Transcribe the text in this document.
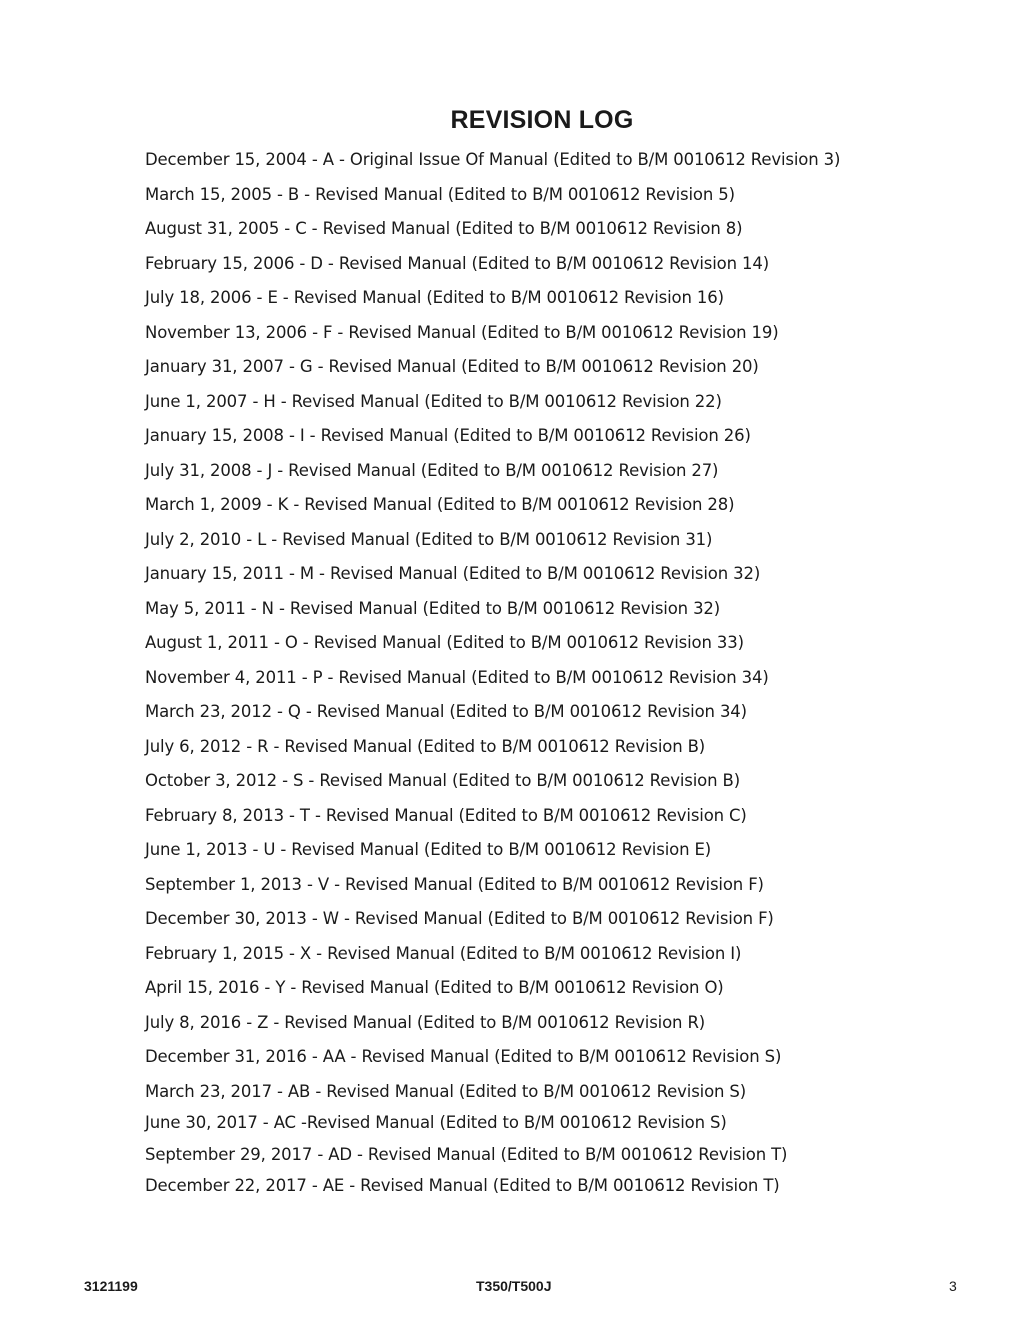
REVISION LOG
December 15, 2004 - A - Original Issue Of Manual (Edited to B/M 0010612 Revision 3)
March 15, 2005 - B - Revised Manual (Edited to B/M 0010612 Revision 5)
August 31, 2005 - C - Revised Manual (Edited to B/M 0010612 Revision 8)
February 15, 2006 - D - Revised Manual (Edited to B/M 0010612 Revision 14)
July 18, 2006 - E - Revised Manual (Edited to B/M 0010612 Revision 16)
November 13, 2006 - F - Revised Manual (Edited to B/M 0010612 Revision 19)
January 31, 2007 - G - Revised Manual (Edited to B/M 0010612 Revision 20)
June 1, 2007 - H - Revised Manual (Edited to B/M 0010612 Revision 22)
January 15, 2008 - I - Revised Manual (Edited to B/M 0010612 Revision 26)
July 31, 2008 - J - Revised Manual (Edited to B/M 0010612 Revision 27)
March 1, 2009 - K - Revised Manual (Edited to B/M 0010612 Revision 28)
July 2, 2010 - L - Revised Manual (Edited to B/M 0010612 Revision 31)
January 15, 2011 - M - Revised Manual (Edited to B/M 0010612 Revision 32)
May 5, 2011 - N - Revised Manual (Edited to B/M 0010612 Revision 32)
August 1, 2011 - O - Revised Manual (Edited to B/M 0010612 Revision 33)
November 4, 2011 - P - Revised Manual (Edited to B/M 0010612 Revision 34)
March 23, 2012 - Q - Revised Manual (Edited to B/M 0010612 Revision 34)
July 6, 2012 - R - Revised Manual (Edited to B/M 0010612 Revision B)
October 3, 2012 - S - Revised Manual (Edited to B/M 0010612 Revision B)
February 8, 2013 - T - Revised Manual (Edited to B/M 0010612 Revision C)
June 1, 2013 - U - Revised Manual (Edited to B/M 0010612 Revision E)
September 1, 2013 - V - Revised Manual (Edited to B/M 0010612 Revision F)
December 30, 2013 - W - Revised Manual (Edited to B/M 0010612 Revision F)
February 1, 2015 - X - Revised Manual (Edited to B/M 0010612 Revision I)
April 15, 2016 - Y - Revised Manual (Edited to B/M 0010612 Revision O)
July 8, 2016 - Z - Revised Manual (Edited to B/M 0010612 Revision R)
December 31, 2016 - AA - Revised Manual (Edited to B/M 0010612 Revision S)
March 23, 2017 - AB - Revised Manual (Edited to B/M 0010612 Revision S)
June 30, 2017 - AC -Revised Manual (Edited to B/M 0010612 Revision S)
September 29, 2017 - AD - Revised Manual (Edited to B/M 0010612 Revision T)
December 22, 2017 - AE - Revised Manual (Edited to B/M 0010612 Revision T)
3121199	T350/T500J	3
